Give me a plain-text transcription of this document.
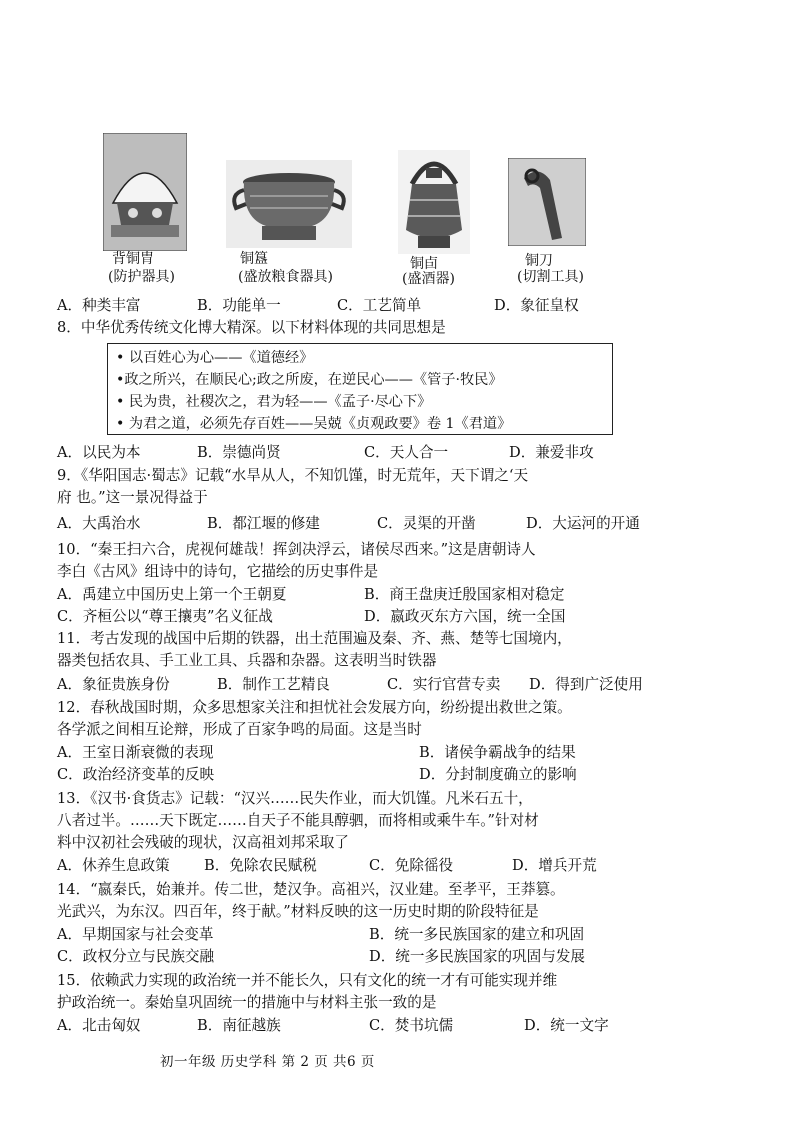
背铜胄
(防护器具)
铜簋
(盛放粮食器具)
铜卣
(盛酒器)
铜刀
(切割工具)
A．种类丰富	B．功能单一	C．工艺简单	D．象征皇权
8．中华优秀传统文化博大精深。以下材料体现的共同思想是
• 以百姓心为心——《道德经》
•政之所兴，在顺民心;政之所废，在逆民心——《管子·牧民》
• 民为贵，社稷次之，君为轻——《孟子·尽心下》
• 为君之道，必须先存百姓——吴兢《贞观政要》卷 1《君道》
A．以民为本	B．崇德尚贤	C．天人合一	D．兼爱非攻
9．《华阳国志·蜀志》记载“水旱从人，不知饥馑，时无荒年，天下谓之‘天
府 也。”这一景况得益于
A．大禹治水	B．都江堰的修建	C．灵渠的开凿	D．大运河的开通
10．“秦王扫六合，虎视何雄哉！挥剑决浮云，诸侯尽西来。”这是唐朝诗人
李白《古风》组诗中的诗句，它描绘的历史事件是
A．禹建立中国历史上第一个王朝夏	B．商王盘庚迁殷国家相对稳定
C．齐桓公以“尊王攘夷”名义征战	D．嬴政灭东方六国，统一全国
11．考古发现的战国中后期的铁器，出土范围遍及秦、齐、燕、楚等七国境内，
器类包括农具、手工业工具、兵器和杂器。这表明当时铁器
A．象征贵族身份	B．制作工艺精良	C．实行官营专卖 D．得到广泛使用
12．春秋战国时期，众多思想家关注和担忧社会发展方向，纷纷提出救世之策。
各学派之间相互论辩，形成了百家争鸣的局面。这是当时
A．王室日渐衰微的表现	B．诸侯争霸战争的结果
C．政治经济变革的反映	D．分封制度确立的影响
13．《汉书·食货志》记载：“汉兴……民失作业，而大饥馑。凡米石五十，
八者过半。……天下既定……自天子不能具醇驷，而将相或乘牛车。”针对材
料中汉初社会残破的现状，汉高祖刘邦采取了
A．休养生息政策 B．免除农民赋税	C．免除徭役	D．增兵开荒
14．“嬴秦氏，始兼并。传二世，楚汉争。高祖兴，汉业建。至孝平，王莽篡。
光武兴，为东汉。四百年，终于献。”材料反映的这一历史时期的阶段特征是
A．早期国家与社会变革	B．统一多民族国家的建立和巩固
C．政权分立与民族交融	D．统一多民族国家的巩固与发展
15．依赖武力实现的政治统一并不能长久，只有文化的统一才有可能实现并维
护政治统一。秦始皇巩固统一的措施中与材料主张一致的是
A．北击匈奴	B．南征越族	C．焚书坑儒	D．统一文字
初一年级 历史学科 第 2 页 共6 页
